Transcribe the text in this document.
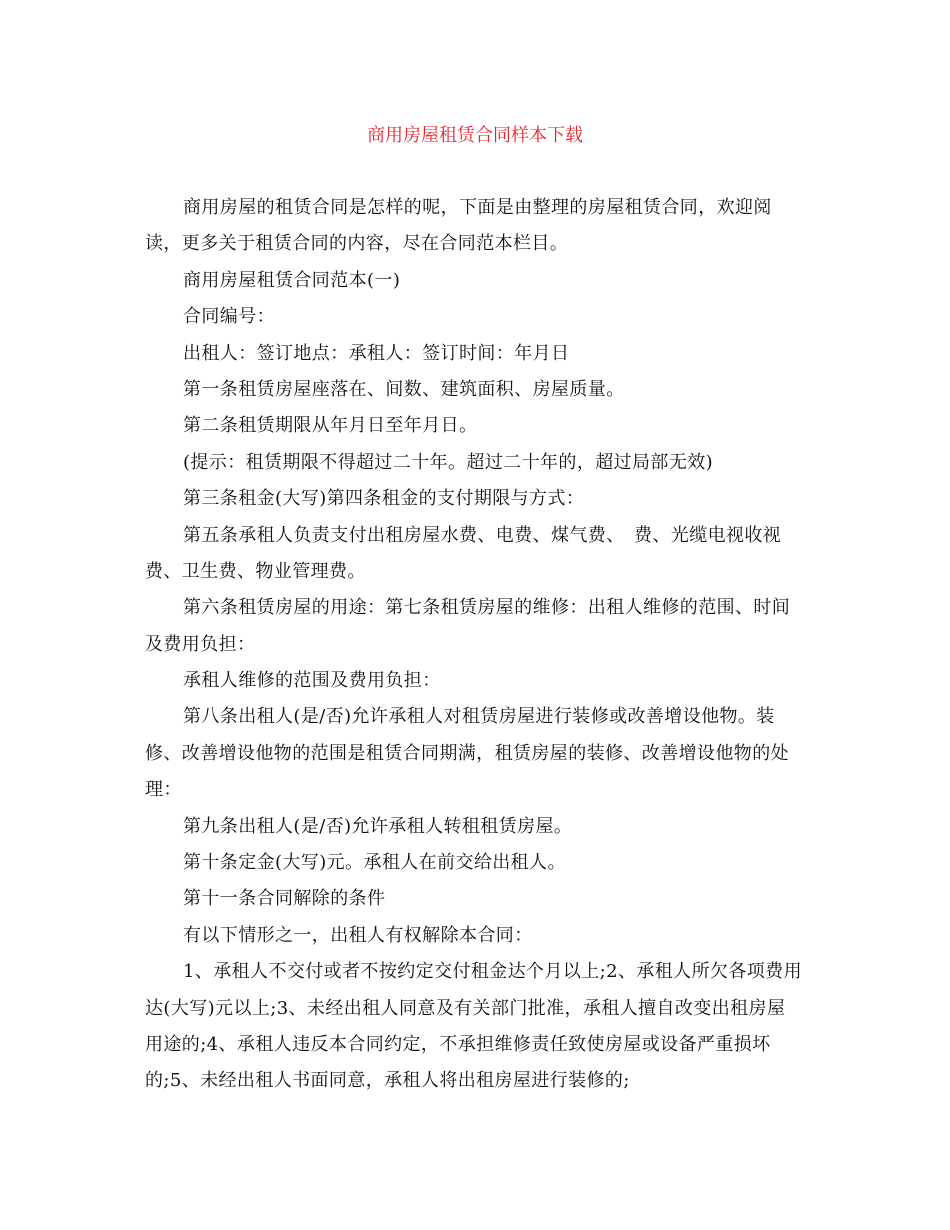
商用房屋租赁合同样本下载
商用房屋的租赁合同是怎样的呢，下面是由整理的房屋租赁合同，欢迎阅
读，更多关于租赁合同的内容，尽在合同范本栏目。
商用房屋租赁合同范本(一)
合同编号：
出租人：签订地点：承租人：签订时间：年月日
第一条租赁房屋座落在、间数、建筑面积、房屋质量。
第二条租赁期限从年月日至年月日。
(提示：租赁期限不得超过二十年。超过二十年的，超过局部无效)
第三条租金(大写)第四条租金的支付期限与方式：
第五条承租人负责支付出租房屋水费、电费、煤气费、　费、光缆电视收视
费、卫生费、物业管理费。
第六条租赁房屋的用途：第七条租赁房屋的维修：出租人维修的范围、时间
及费用负担：
承租人维修的范围及费用负担：
第八条出租人(是/否)允许承租人对租赁房屋进行装修或改善增设他物。装
修、改善增设他物的范围是租赁合同期满，租赁房屋的装修、改善增设他物的处
理：
第九条出租人(是/否)允许承租人转租租赁房屋。
第十条定金(大写)元。承租人在前交给出租人。
第十一条合同解除的条件
有以下情形之一，出租人有权解除本合同：
1、承租人不交付或者不按约定交付租金达个月以上;2、承租人所欠各项费用
达(大写)元以上;3、未经出租人同意及有关部门批准，承租人擅自改变出租房屋
用途的;4、承租人违反本合同约定，不承担维修责任致使房屋或设备严重损坏
的;5、未经出租人书面同意，承租人将出租房屋进行装修的;
